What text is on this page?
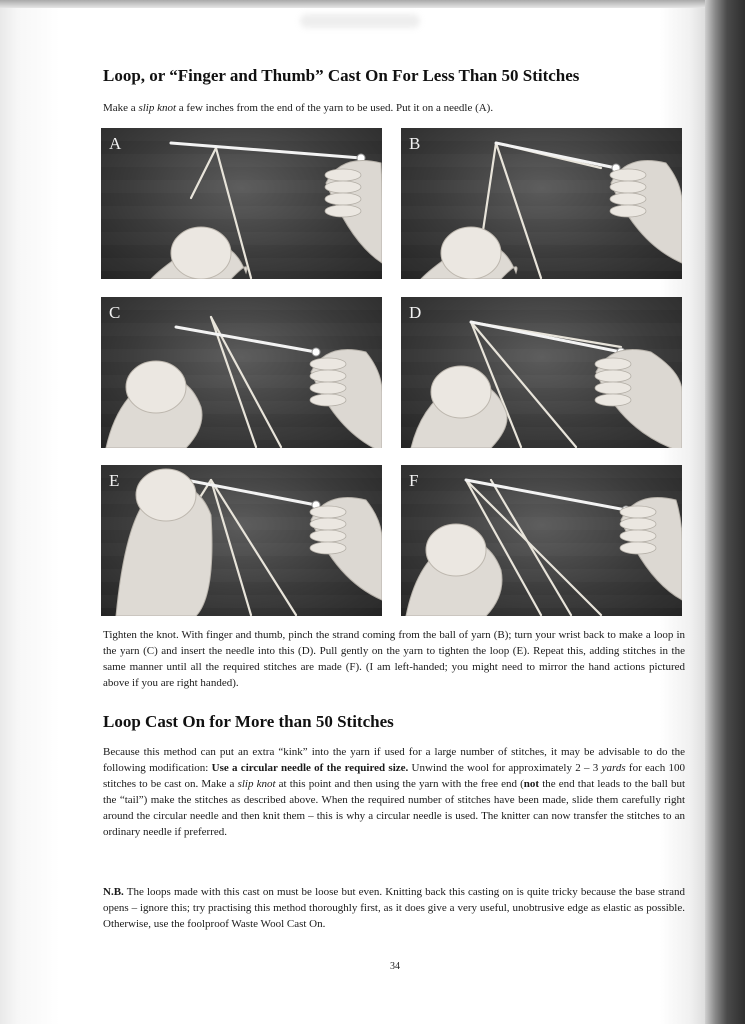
Loop, or “Finger and Thumb” Cast On For Less Than 50 Stitches

Make a slip knot a few inches from the end of the yarn to be used. Put it on a needle (A).

A	B
C	D
E	F

Tighten the knot. With finger and thumb, pinch the strand coming from the ball of yarn (B); turn your wrist back to make a loop in the yarn (C) and insert the needle into this (D). Pull gently on the yarn to tighten the loop (E). Repeat this, adding stitches in the same manner until all the required stitches are made (F). (I am left-handed; you might need to mirror the hand actions pictured above if you are right handed).

Loop Cast On for More than 50 Stitches

Because this method can put an extra “kink” into the yarn if used for a large number of stitches, it may be advisable to do the following modification: Use a circular needle of the required size. Unwind the wool for approximately 2 – 3 yards for each 100 stitches to be cast on. Make a slip knot at this point and then using the yarn with the free end (not the end that leads to the ball but the “tail”) make the stitches as described above. When the required number of stitches have been made, slide them carefully right around the circular needle and then knit them – this is why a circular needle is used. The knitter can now transfer the stitches to an ordinary needle if preferred.

N.B. The loops made with this cast on must be loose but even. Knitting back this casting on is quite tricky because the base strand opens – ignore this; try practising this method thoroughly first, as it does give a very useful, unobtrusive edge as elastic as possible. Otherwise, use the foolproof Waste Wool Cast On.

34
